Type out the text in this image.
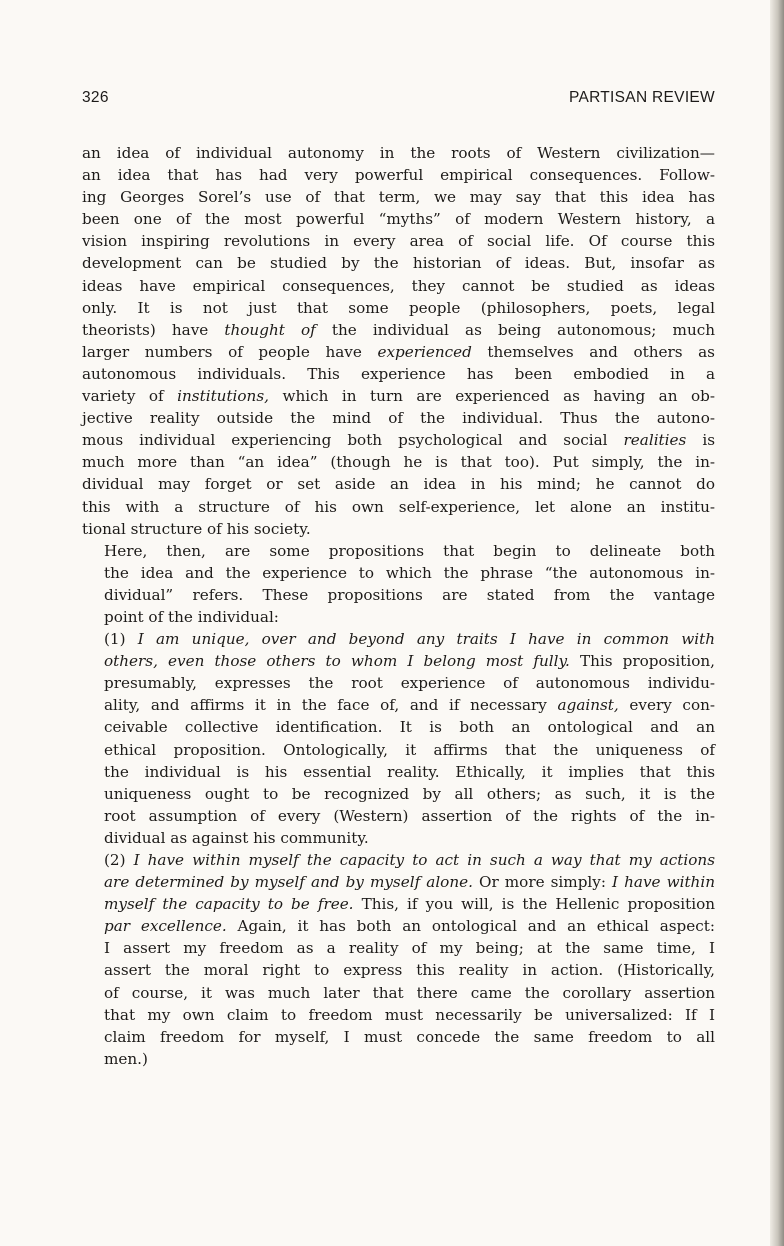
326	PARTISAN REVIEW

an idea of individual autonomy in the roots of Western civilization—
an idea that has had very powerful empirical consequences. Follow-
ing Georges Sorel’s use of that term, we may say that this idea has
been one of the most powerful “myths” of modern Western history, a
vision inspiring revolutions in every area of social life. Of course this
development can be studied by the historian of ideas. But, insofar as
ideas have empirical consequences, they cannot be studied as ideas
only. It is not just that some people (philosophers, poets, legal
theorists) have thought of the individual as being autonomous; much
larger numbers of people have experienced themselves and others as
autonomous individuals. This experience has been embodied in a
variety of institutions, which in turn are experienced as having an ob-
jective reality outside the mind of the individual. Thus the autono-
mous individual experiencing both psychological and social realities is
much more than “an idea” (though he is that too). Put simply, the in-
dividual may forget or set aside an idea in his mind; he cannot do
this with a structure of his own self-experience, let alone an institu-
tional structure of his society.

Here, then, are some propositions that begin to delineate both
the idea and the experience to which the phrase “the autonomous in-
dividual” refers. These propositions are stated from the vantage
point of the individual:

(1) I am unique, over and beyond any traits I have in common with
others, even those others to whom I belong most fully. This proposition,
presumably, expresses the root experience of autonomous individu-
ality, and affirms it in the face of, and if necessary against, every con-
ceivable collective identification. It is both an ontological and an
ethical proposition. Ontologically, it affirms that the uniqueness of
the individual is his essential reality. Ethically, it implies that this
uniqueness ought to be recognized by all others; as such, it is the
root assumption of every (Western) assertion of the rights of the in-
dividual as against his community.

(2) I have within myself the capacity to act in such a way that my actions
are determined by myself and by myself alone. Or more simply: I have within
myself the capacity to be free. This, if you will, is the Hellenic proposition
par excellence. Again, it has both an ontological and an ethical aspect:
I assert my freedom as a reality of my being; at the same time, I
assert the moral right to express this reality in action. (Historically,
of course, it was much later that there came the corollary assertion
that my own claim to freedom must necessarily be universalized: If I
claim freedom for myself, I must concede the same freedom to all
men.)
